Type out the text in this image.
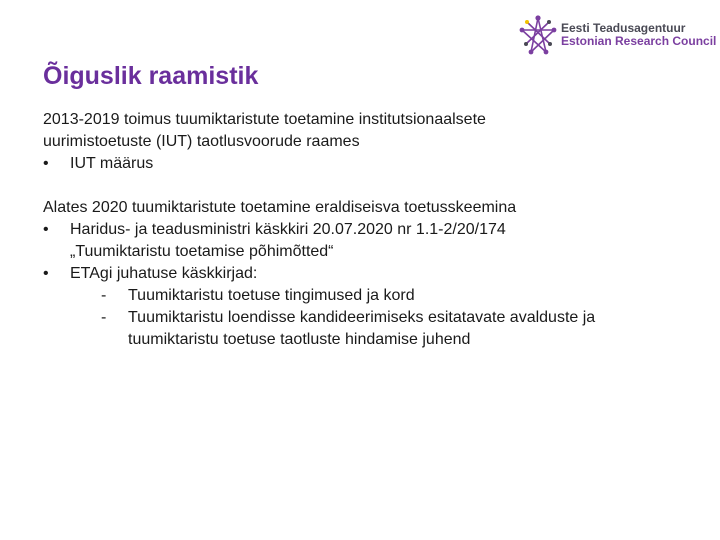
Eesti Teadusagentuur
Estonian Research Council
Õiguslik raamistik

2013-2019 toimus tuumiktaristute toetamine institutsionaalsete

uurimistoetuste (IUT) taotlusvoorude raames

• IUT määrus

Alates 2020 tuumiktaristute toetamine eraldiseisva toetusskeemina

• Haridus- ja teadusministri käskkiri 20.07.2020 nr 1.1-2/20/174
„Tuumiktaristu toetamise põhimõtted“
• ETAgi juhatuse käskkirjad:
- Tuumiktaristu toetuse tingimused ja kord
- Tuumiktaristu loendisse kandideerimiseks esitatavate avalduste ja
tuumiktaristu toetuse taotluste hindamise juhend
